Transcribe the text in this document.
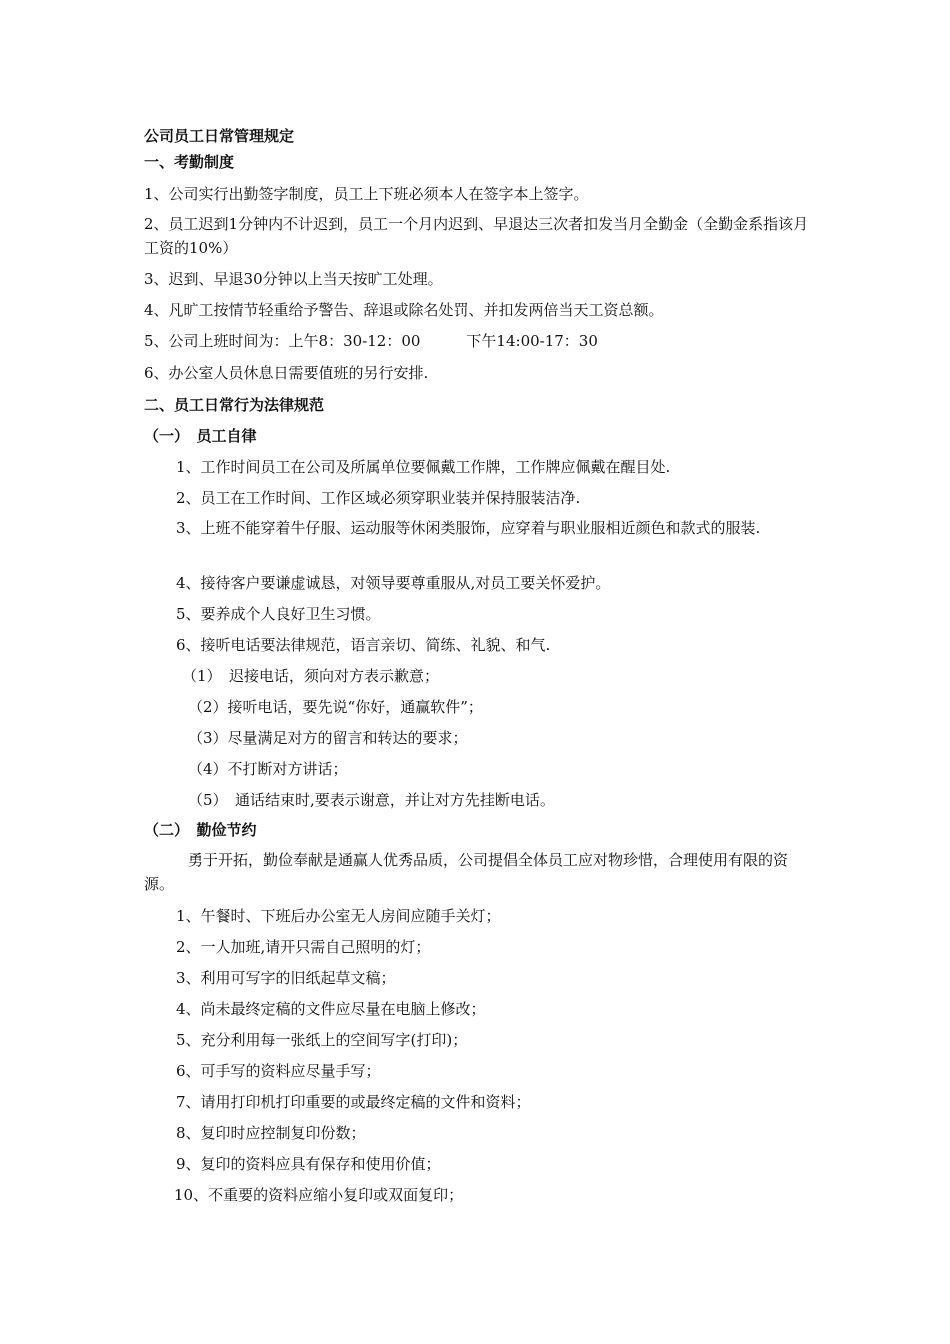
公司员工日常管理规定
一、考勤制度
1、公司实行出勤签字制度，员工上下班必须本人在签字本上签字。
2、员工迟到1分钟内不计迟到，员工一个月内迟到、早退达三次者扣发当月全勤金（全勤金系指该月工资的10%）
3、迟到、早退30分钟以上当天按旷工处理。
4、凡旷工按情节轻重给予警告、辞退或除名处罚、并扣发两倍当天工资总额。
5、公司上班时间为：上午8：30-12：00	下午14:00-17：30
6、办公室人员休息日需要值班的另行安排.
二、员工日常行为法律规范
（一）　员工自律
1、工作时间员工在公司及所属单位要佩戴工作牌，工作牌应佩戴在醒目处.
2、员工在工作时间、工作区域必须穿职业装并保持服装洁净.
3、上班不能穿着牛仔服、运动服等休闲类服饰，应穿着与职业服相近颜色和款式的服装.
4、接待客户要谦虚诚恳，对领导要尊重服从,对员工要关怀爱护。
5、要养成个人良好卫生习惯。
6、接听电话要法律规范，语言亲切、简练、礼貌、和气.
（1）　迟接电话，须向对方表示歉意；
（2）接听电话，要先说“你好，通赢软件”；
（3）尽量满足对方的留言和转达的要求；
（4）不打断对方讲话；
（5）　通话结束时,要表示谢意，并让对方先挂断电话。
（二）　勤俭节约
勇于开拓，勤俭奉献是通赢人优秀品质，公司提倡全体员工应对物珍惜，合理使用有限的资源。
1、午餐时、下班后办公室无人房间应随手关灯；
2、一人加班,请开只需自己照明的灯；
3、利用可写字的旧纸起草文稿；
4、尚未最终定稿的文件应尽量在电脑上修改；
5、充分利用每一张纸上的空间写字(打印)；
6、可手写的资料应尽量手写；
7、请用打印机打印重要的或最终定稿的文件和资料；
8、复印时应控制复印份数；
9、复印的资料应具有保存和使用价值；
10、不重要的资料应缩小复印或双面复印；
